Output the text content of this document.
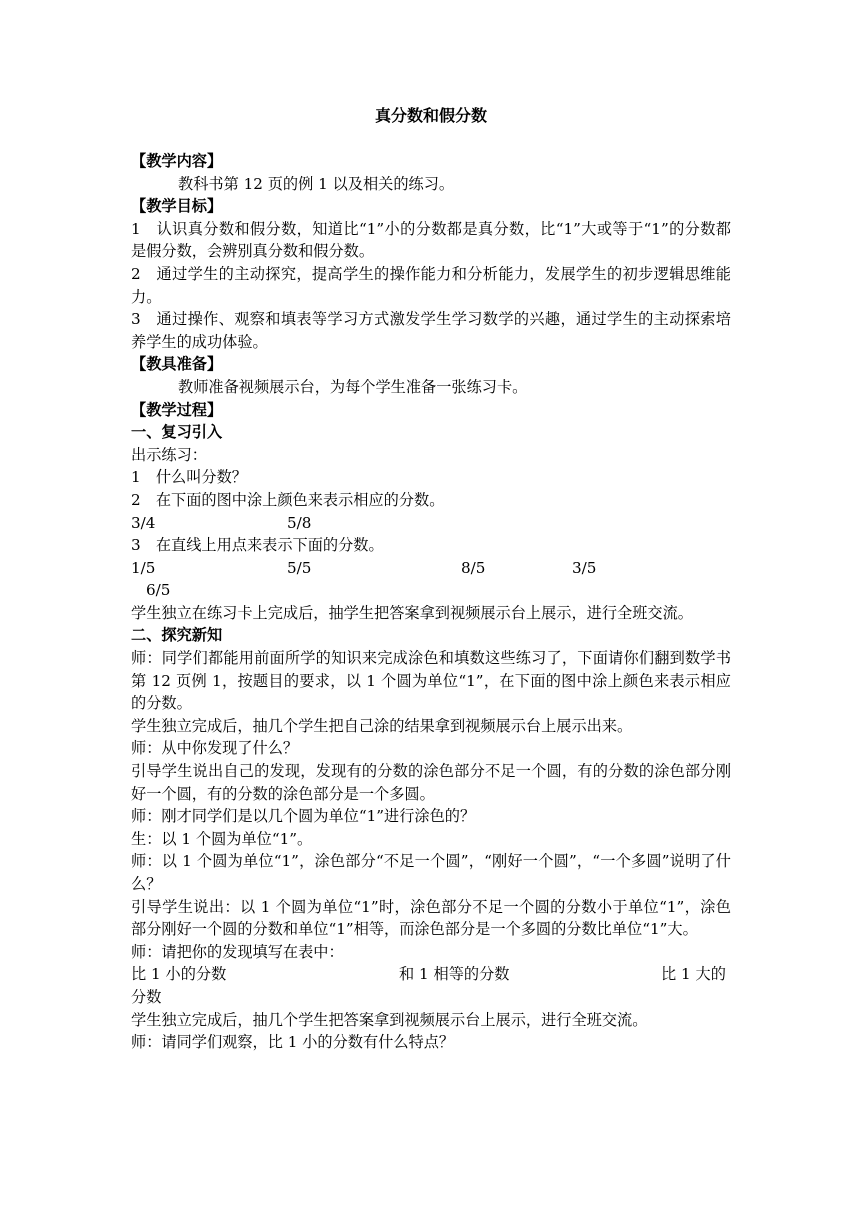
真分数和假分数
【教学内容】
教科书第 12 页的例 1 以及相关的练习。
【教学目标】
1　认识真分数和假分数，知道比“1”小的分数都是真分数，比“1”大或等于“1”的分数都是假分数，会辨别真分数和假分数。
2　通过学生的主动探究，提高学生的操作能力和分析能力，发展学生的初步逻辑思维能力。
3　通过操作、观察和填表等学习方式激发学生学习数学的兴趣，通过学生的主动探索培养学生的成功体验。
【教具准备】
教师准备视频展示台，为每个学生准备一张练习卡。
【教学过程】
一、复习引入
出示练习：
1　什么叫分数？
2　在下面的图中涂上颜色来表示相应的分数。
3/4	5/8
3　在直线上用点来表示下面的分数。
1/5	5/5	8/5	3/5
6/5
学生独立在练习卡上完成后，抽学生把答案拿到视频展示台上展示，进行全班交流。
二、探究新知
师：同学们都能用前面所学的知识来完成涂色和填数这些练习了，下面请你们翻到数学书第 12 页例 1，按题目的要求，以 1 个圆为单位“1”，在下面的图中涂上颜色来表示相应的分数。
学生独立完成后，抽几个学生把自己涂的结果拿到视频展示台上展示出来。
师：从中你发现了什么？
引导学生说出自己的发现，发现有的分数的涂色部分不足一个圆，有的分数的涂色部分刚好一个圆，有的分数的涂色部分是一个多圆。
师：刚才同学们是以几个圆为单位“1”进行涂色的？
生：以 1 个圆为单位“1”。
师：以 1 个圆为单位“1”，涂色部分“不足一个圆”，“刚好一个圆”，“一个多圆”说明了什么？
引导学生说出：以 1 个圆为单位“1”时，涂色部分不足一个圆的分数小于单位“1”，涂色部分刚好一个圆的分数和单位“1”相等，而涂色部分是一个多圆的分数比单位“1”大。
师：请把你的发现填写在表中：
比 1 小的分数	和 1 相等的分数	比 1 大的
分数
学生独立完成后，抽几个学生把答案拿到视频展示台上展示，进行全班交流。
师：请同学们观察，比 1 小的分数有什么特点？
